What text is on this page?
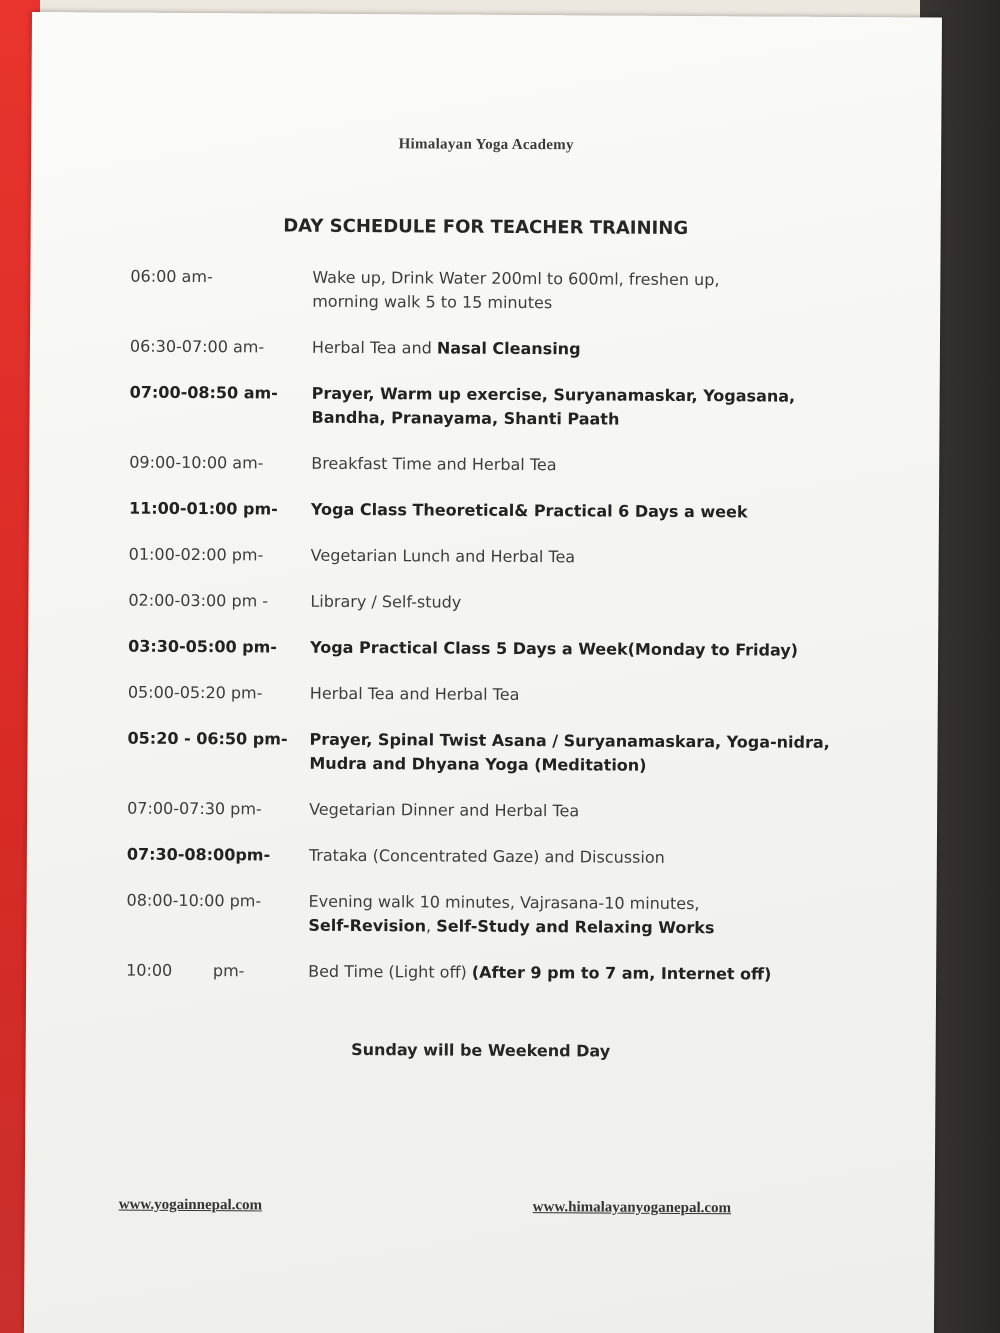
Himalayan Yoga Academy
DAY SCHEDULE FOR TEACHER TRAINING
06:00 am-	Wake up, Drink Water 200ml to 600ml, freshen up,
morning walk 5 to 15 minutes
06:30-07:00 am-	Herbal Tea and Nasal Cleansing
07:00-08:50 am-	Prayer, Warm up exercise, Suryanamaskar, Yogasana,
Bandha, Pranayama, Shanti Paath
09:00-10:00 am-	Breakfast Time and Herbal Tea
11:00-01:00 pm-	Yoga Class Theoretical& Practical 6 Days a week
01:00-02:00 pm-	Vegetarian Lunch and Herbal Tea
02:00-03:00 pm -	Library / Self-study
03:30-05:00 pm-	Yoga Practical Class 5 Days a Week(Monday to Friday)
05:00-05:20 pm-	Herbal Tea and Herbal Tea
05:20 - 06:50 pm-	Prayer, Spinal Twist Asana / Suryanamaskara, Yoga-nidra,
Mudra and Dhyana Yoga (Meditation)
07:00-07:30 pm-	Vegetarian Dinner and Herbal Tea
07:30-08:00pm-	Trataka (Concentrated Gaze) and Discussion
08:00-10:00 pm-	Evening walk 10 minutes, Vajrasana-10 minutes,
Self-Revision, Self-Study and Relaxing Works
10:00        pm-	Bed Time (Light off) (After 9 pm to 7 am, Internet off)
Sunday will be Weekend Day
www.yogainnepal.com	www.himalayanyoganepal.com
